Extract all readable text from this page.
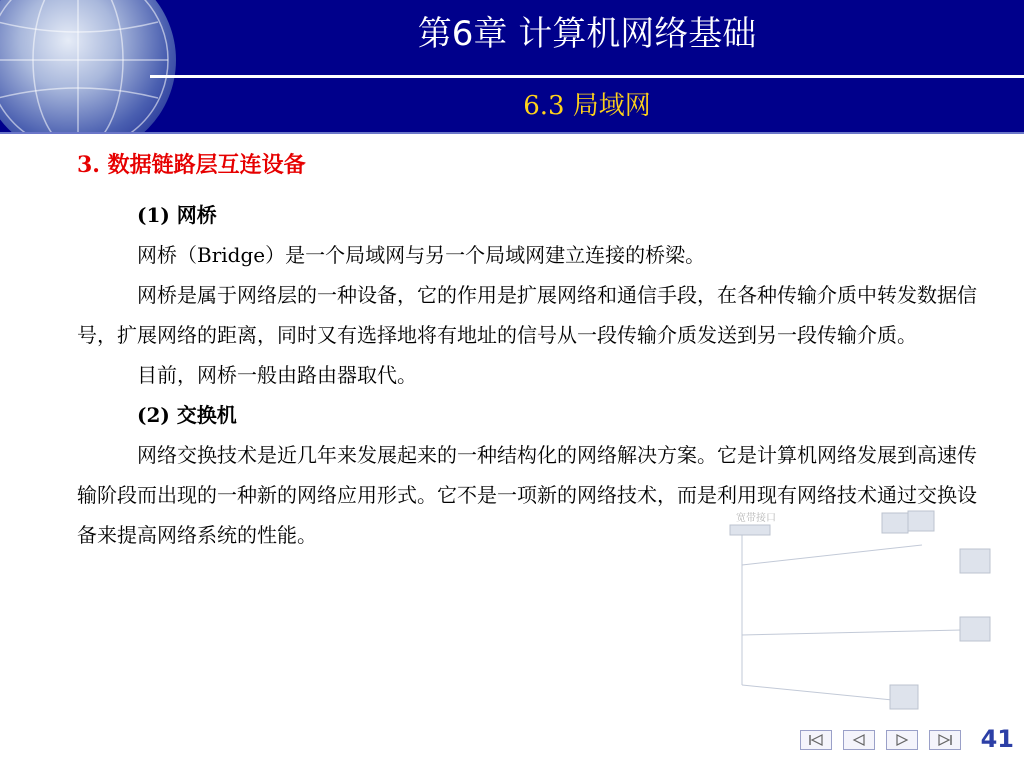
第6章 计算机网络基础
6.3 局域网
宽带接口
3. 数据链路层互连设备

(1) 网桥

网桥（Bridge）是一个局域网与另一个局域网建立连接的桥梁。

网桥是属于网络层的一种设备，它的作用是扩展网络和通信手段，在各种传输介质中转发数据信号，扩展网络的距离，同时又有选择地将有地址的信号从一段传输介质发送到另一段传输介质。

目前，网桥一般由路由器取代。

(2) 交换机

网络交换技术是近几年来发展起来的一种结构化的网络解决方案。它是计算机网络发展到高速传输阶段而出现的一种新的网络应用形式。它不是一项新的网络技术，而是利用现有网络技术通过交换设备来提高网络系统的性能。

41
